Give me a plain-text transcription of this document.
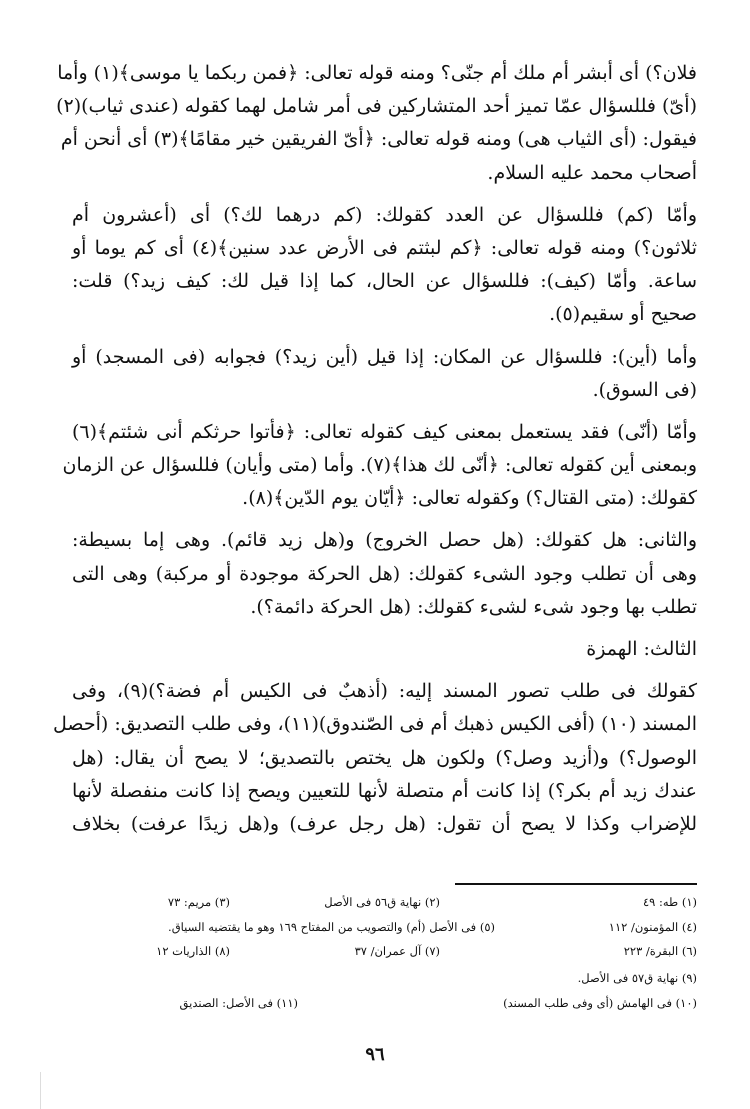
فلان؟) أى أبشر أم ملك أم جنّى؟ ومنه قوله تعالى: ﴿فمن ربكما يا موسى﴾(١) وأما
(أىّ) فللسؤال عمّا تميز أحد المتشاركين فى أمر شامل لهما كقوله (عندى ثياب)(٢)
فيقول: (أى الثياب هى) ومنه قوله تعالى: ﴿أىّ الفريقين خير مقامًا﴾(٣) أى أنحن أم
أصحاب محمد عليه السلام.
وأمّا (كم) فللسؤال عن العدد كقولك: (كم درهما لك؟) أى (أعشرون أم
ثلاثون؟) ومنه قوله تعالى: ﴿كم لبثتم فى الأرض عدد سنين﴾(٤) أى كم يوما أو
ساعة. وأمّا (كيف): فللسؤال عن الحال، كما إذا قيل لك: كيف زيد؟) قلت:
صحيح أو سقيم(٥).
وأما (أين): فللسؤال عن المكان: إذا قيل (أين زيد؟) فجوابه (فى المسجد) أو
(فى السوق).
وأمّا (أنّى) فقد يستعمل بمعنى كيف كقوله تعالى: ﴿فأتوا حرثكم أنى شئتم﴾(٦)
وبمعنى أين كقوله تعالى: ﴿أنّى لك هذا﴾(٧). وأما (متى وأيان) فللسؤال عن الزمان
كقولك: (متى القتال؟) وكقوله تعالى: ﴿أيّان يوم الدّين﴾(٨).
والثانى: هل كقولك: (هل حصل الخروج) و(هل زيد قائم). وهى إما بسيطة:
وهى أن تطلب وجود الشىء كقولك: (هل الحركة موجودة أو مركبة) وهى التى
تطلب بها وجود شىء لشىء كقولك: (هل الحركة دائمة؟).
الثالث: الهمزة
كقولك فى طلب تصور المسند إليه: (أذهبٌ فى الكيس أم فضة؟)(٩)، وفى
المسند (١٠) (أفى الكيس ذهبك أم فى الصّندوق)(١١)، وفى طلب التصديق: (أحصل
الوصول؟) و(أزيد وصل؟) ولكون هل يختص بالتصديق؛ لا يصح أن يقال: (هل
عندك زيد أم بكر؟) إذا كانت أم متصلة لأنها للتعيين ويصح إذا كانت منفصلة لأنها
للإضراب وكذا لا يصح أن تقول: (هل رجل عرف) و(هل زيدًا عرفت) بخلاف
(١) طه: ٤٩
(٢) نهاية ق٥٦ فى الأصل
(٣) مريم: ٧٣
(٤) المؤمنون/ ١١٢
(٥) فى الأصل (أم) والتصويب من المفتاح ١٦٩ وهو ما يقتضيه السياق.
(٦) البقرة/ ٢٢٣
(٧) آل عمران/ ٣٧
(٨) الذاريات ١٢
(٩) نهاية ق٥٧ فى الأصل.
(١٠) فى الهامش (أى وفى طلب المسند)
(١١) فى الأصل: الصنديق
٩٦
